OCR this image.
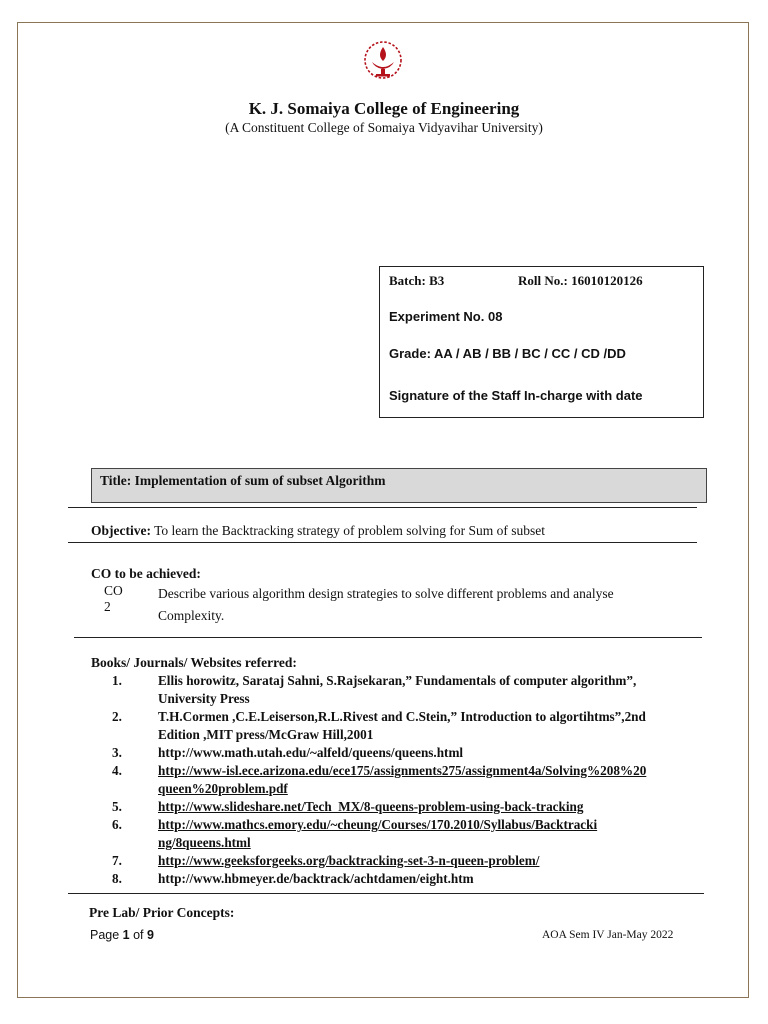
K. J. Somaiya College of Engineering
(A Constituent College of Somaiya Vidyavihar University)
Batch: B3	Roll No.: 16010120126
Experiment No. 08
Grade: AA / AB / BB / BC / CC / CD /DD
Signature of the Staff In-charge with date
Title: Implementation of sum of subset Algorithm
Objective: To learn the Backtracking strategy of problem solving for Sum of subset
CO to be achieved:
CO 2
Describe various algorithm design strategies to solve different problems and analyse Complexity.
Books/ Journals/ Websites referred:
1.	Ellis horowitz, Sarataj Sahni, S.Rajsekaran,” Fundamentals of computer algorithm”, University Press
2.	T.H.Cormen ,C.E.Leiserson,R.L.Rivest and C.Stein,” Introduction to algortihtms”,2nd Edition ,MIT press/McGraw Hill,2001
3.	http://www.math.utah.edu/~alfeld/queens/queens.html
4.	http://www-isl.ece.arizona.edu/ece175/assignments275/assignment4a/Solving%208%20queen%20problem.pdf
5.	http://www.slideshare.net/Tech_MX/8-queens-problem-using-back-tracking
6.	http://www.mathcs.emory.edu/~cheung/Courses/170.2010/Syllabus/Backtracking/8queens.html
7.	http://www.geeksforgeeks.org/backtracking-set-3-n-queen-problem/
8.	http://www.hbmeyer.de/backtrack/achtdamen/eight.htm
Pre Lab/ Prior Concepts:
Page 1 of 9	AOA Sem IV Jan-May 2022
